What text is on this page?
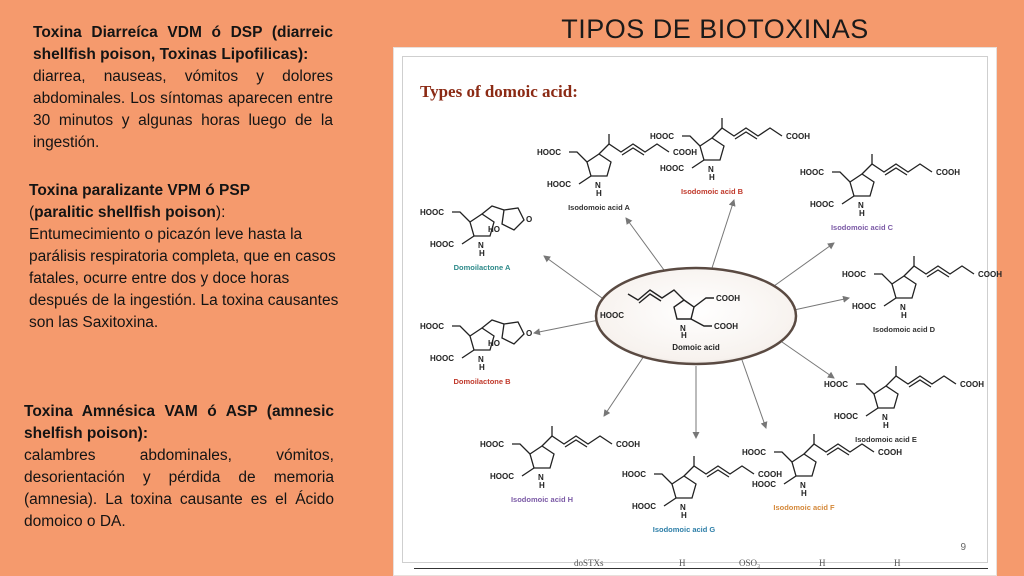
TIPOS DE BIOTOXINAS
Toxina Diarreíca VDM ó DSP (diarreic shellfish poison, Toxinas Lipofilicas):
diarrea, nauseas, vómitos y dolores abdominales. Los síntomas aparecen entre 30 minutos y algunas horas luego de la ingestión.
Toxina paralizante VPM ó PSP
(paralitic shellfish poison):
Entumecimiento o picazón leve hasta la parálisis respiratoria completa, que en casos fatales, ocurre entre dos y doce horas después de la ingestión. La toxina causantes son las Saxitoxina.
Toxina Amnésica VAM ó ASP (amnesic shelfish poison):
calambres abdominales, vómitos, desorientación y pérdida de memoria (amnesia). La toxina causante es el Ácido domoico o DA.
Types of domoic acid:
HOOC
COOH
COOH
N
H
Domoic acid
HOOC
HOOC	N
H
COOH
Isodomoic acid A
HOOC
HOOC	N
H
COOH
Isodomoic acid B
HOOC
HOOC	N
H
COOH
Isodomoic acid C
HOOC
HOOC	N
H
COOH
Isodomoic acid D
HOOC
HOOC	N
H
COOH
Isodomoic acid E
HOOC
HOOC	N
H
COOH
Isodomoic acid F
HOOC
HOOC	N
H
COOH
Isodomoic acid G
HOOC
HOOC	N
H
COOH
Isodomoic acid H
HOOC
HOOC	N
H
O
HO
Domoilactone A
HOOC
HOOC	N
H
O
HO
Domoilactone B
9
doSTXs	H	OSO₃	H	H
